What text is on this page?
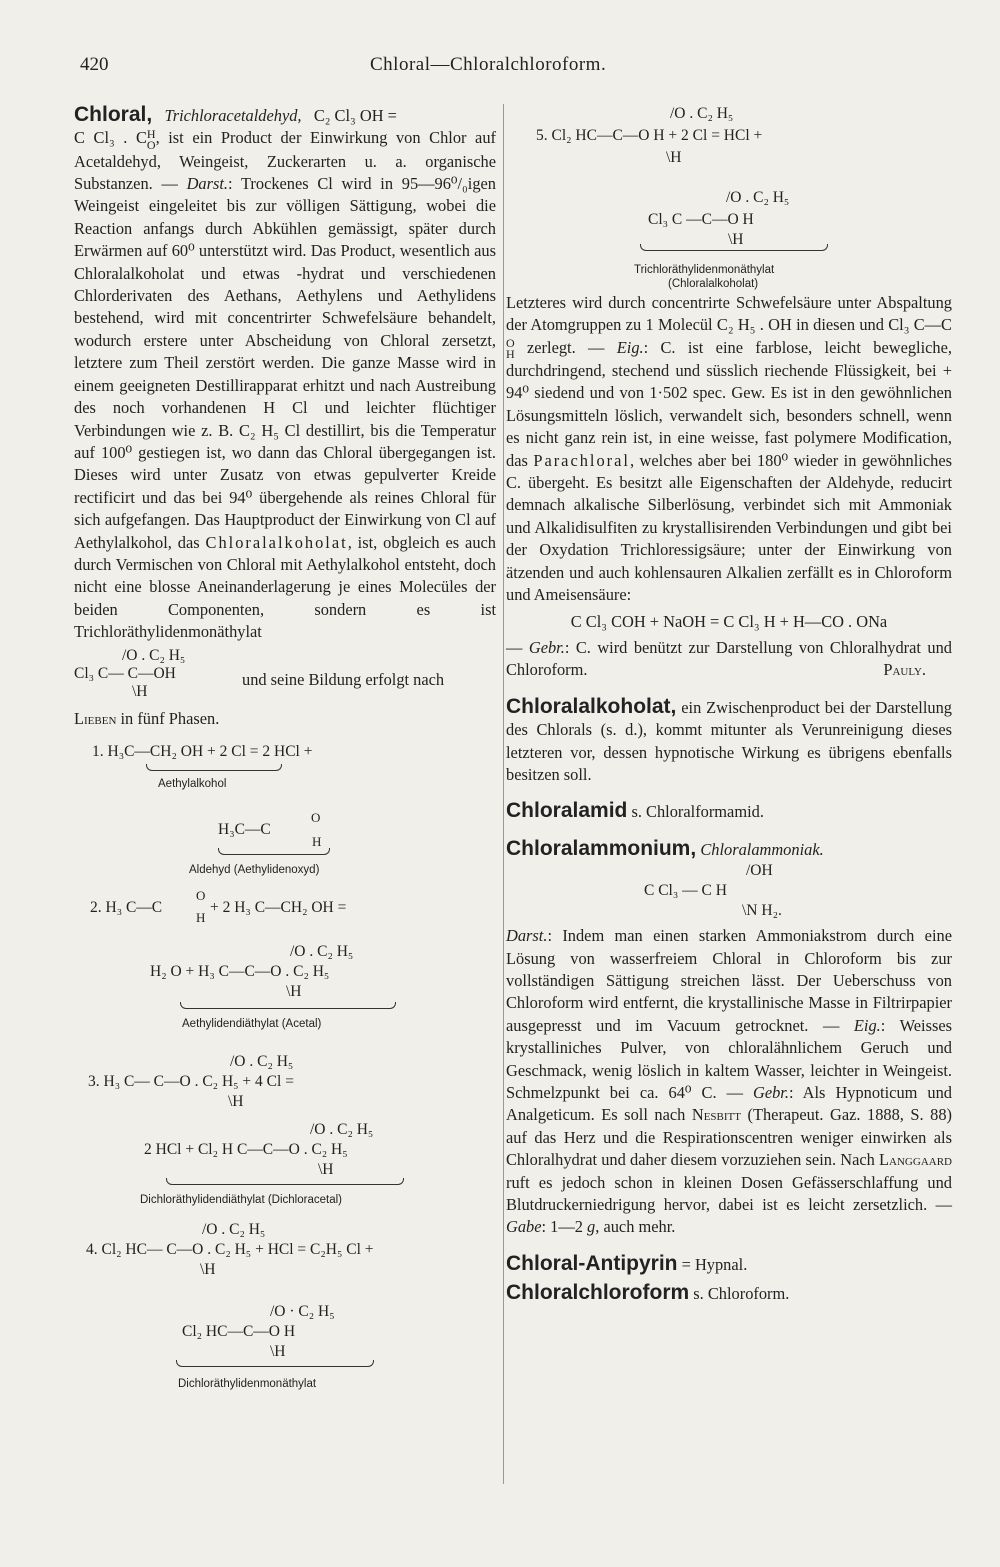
420	Chloral—Chloralchloroform.

Chloral, Trichloracetaldehyd, C₂ Cl₃ OH =

C Cl₃ . C H
O , ist ein Product der Einwirkung von Chlor auf Acetaldehyd, Weingeist, Zuckerarten u. a. organische Substanzen. — Darst.: Trockenes Cl wird in 95—96⁰/₀igen Weingeist eingeleitet bis zur völligen Sättigung, wobei die Reaction anfangs durch Abkühlen gemässigt, später durch Erwärmen auf 60⁰ unterstützt wird. Das Product, wesentlich aus Chloralalkoholat und etwas -hydrat und verschiedenen Chlorderivaten des Aethans, Aethylens und Aethylidens bestehend, wird mit concentrirter Schwefelsäure behandelt, wodurch erstere unter Abscheidung von Chloral zersetzt, letztere zum Theil zerstört werden. Die ganze Masse wird in einem geeigneten Destillirapparat erhitzt und nach Austreibung des noch vorhandenen H Cl und leichter flüchtiger Verbindungen wie z. B. C₂ H₅ Cl destillirt, bis die Temperatur auf 100⁰ gestiegen ist, wo dann das Chloral übergegangen ist. Dieses wird unter Zusatz von etwas gepulverter Kreide rectificirt und das bei 94⁰ übergehende als reines Chloral für sich aufgefangen. Das Hauptproduct der Einwirkung von Cl auf Aethylalkohol, das Chloralalkoholat, ist, obgleich es auch durch Vermischen von Chloral mit Aethylalkohol entsteht, doch nicht eine blosse Aneinanderlagerung je eines Molecüles der beiden Componenten, sondern es ist Trichloräthylidenmonäthylat

/O . C₂ H₅
Cl₃ C— C—OH
\H
und seine Bildung erfolgt nach

Lieben in fünf Phasen.

1. H₃C—CH₂ OH + 2 Cl = 2 HCl +
Aethylalkohol
O
H₃C—C
H
Aldehyd (Aethylidenoxyd)
2. H₃ C—C
O
H
+ 2 H₃ C—CH₂ OH =
/O . C₂ H₅
H₂ O + H₃ C—C—O . C₂ H₅
\H
Aethylidendiäthylat (Acetal)
/O . C₂ H₅
3. H₃ C— C—O . C₂ H₅ + 4 Cl =
\H
/O . C₂ H₅
2 HCl + Cl₂ H C—C—O . C₂ H₅
\H
Dichloräthylidendiäthylat (Dichloracetal)
/O . C₂ H₅
4. Cl₂ HC— C—O . C₂ H₅ + HCl = C₂H₅ Cl +
\H
/O · C₂ H₅
Cl₂ HC—C—O H
\H
Dichloräthylidenmonäthylat
/O . C₂ H₅
5. Cl₂ HC—C—O H + 2 Cl = HCl +
\H
/O . C₂ H₅
Cl₃ C —C—O H
\H
Trichloräthylidenmonäthylat
(Chloralalkoholat)

Letzteres wird durch concentrirte Schwefelsäure unter Abspaltung der Atomgruppen zu 1 Molecül C₂ H₅ . OH in diesen und Cl₃ C—C
O
H zerlegt. — Eig.: C. ist eine farblose, leicht bewegliche, durchdringend, stechend und süsslich riechende Flüssigkeit, bei + 94⁰ siedend und von 1·502 spec. Gew. Es ist in den gewöhnlichen Lösungsmitteln löslich, verwandelt sich, besonders schnell, wenn es nicht ganz rein ist, in eine weisse, fast polymere Modification, das Parachloral, welches aber bei 180⁰ wieder in gewöhnliches C. übergeht. Es besitzt alle Eigenschaften der Aldehyde, reducirt demnach alkalische Silberlösung, verbindet sich mit Ammoniak und Alkalidisulfiten zu krystallisirenden Verbindungen und gibt bei der Oxydation Trichloressigsäure; unter der Einwirkung von ätzenden und auch kohlensauren Alkalien zerfällt es in Chloroform und Ameisensäure:

C Cl₃ COH + NaOH = C Cl₃ H + H—CO . ONa

— Gebr.: C. wird benützt zur Darstellung von Chloralhydrat und Chloroform.	Pauly.

Chloralalkoholat, ein Zwischenproduct bei der Darstellung des Chlorals (s. d.), kommt mitunter als Verunreinigung dieses letzteren vor, dessen hypnotische Wirkung es übrigens ebenfalls besitzen soll.

Chloralamid s. Chloralformamid.

Chloralammonium, Chloralammoniak.

/OH
C Cl₃ — C H
\N H₂.

Darst.: Indem man einen starken Ammoniakstrom durch eine Lösung von wasserfreiem Chloral in Chloroform bis zur vollständigen Sättigung streichen lässt. Der Ueberschuss von Chloroform wird entfernt, die krystallinische Masse in Filtrirpapier ausgepresst und im Vacuum getrocknet. — Eig.: Weisses krystalliniches Pulver, von chloralähnlichem Geruch und Geschmack, wenig löslich in kaltem Wasser, leichter in Weingeist. Schmelzpunkt bei ca. 64⁰ C. — Gebr.: Als Hypnoticum und Analgeticum. Es soll nach Nesbitt (Therapeut. Gaz. 1888, S. 88) auf das Herz und die Respirationscentren weniger einwirken als Chloralhydrat und daher diesem vorzuziehen sein. Nach Langgaard ruft es jedoch schon in kleinen Dosen Gefässerschlaffung und Blutdruckerniedrigung hervor, dabei ist es leicht zersetzlich. — Gabe: 1—2 g, auch mehr.

Chloral-Antipyrin = Hypnal.

Chloralchloroform s. Chloroform.
